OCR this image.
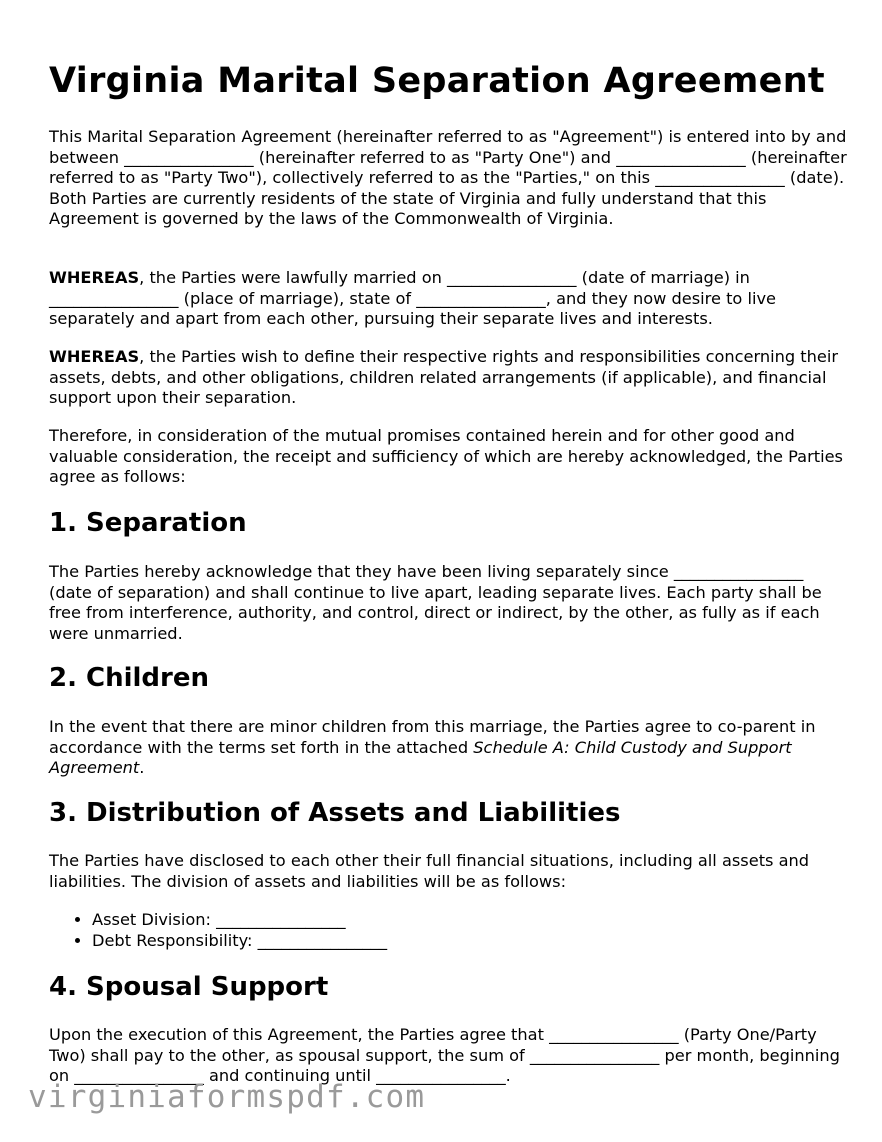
Virginia Marital Separation Agreement

This Marital Separation Agreement (hereinafter referred to as "Agreement") is entered into by and between ________________ (hereinafter referred to as "Party One") and ________________ (hereinafter referred to as "Party Two"), collectively referred to as the "Parties," on this ________________ (date). Both Parties are currently residents of the state of Virginia and fully understand that this Agreement is governed by the laws of the Commonwealth of Virginia.

WHEREAS, the Parties were lawfully married on ________________ (date of marriage) in ________________ (place of marriage), state of ________________, and they now desire to live separately and apart from each other, pursuing their separate lives and interests.

WHEREAS, the Parties wish to define their respective rights and responsibilities concerning their assets, debts, and other obligations, children related arrangements (if applicable), and financial support upon their separation.

Therefore, in consideration of the mutual promises contained herein and for other good and valuable consideration, the receipt and sufficiency of which are hereby acknowledged, the Parties agree as follows:

1. Separation

The Parties hereby acknowledge that they have been living separately since ________________ (date of separation) and shall continue to live apart, leading separate lives. Each party shall be free from interference, authority, and control, direct or indirect, by the other, as fully as if each were unmarried.

2. Children

In the event that there are minor children from this marriage, the Parties agree to co-parent in accordance with the terms set forth in the attached Schedule A: Child Custody and Support Agreement.

3. Distribution of Assets and Liabilities

The Parties have disclosed to each other their full financial situations, including all assets and liabilities. The division of assets and liabilities will be as follows:

• Asset Division: ________________
• Debt Responsibility: ________________
4. Spousal Support

Upon the execution of this Agreement, the Parties agree that ________________ (Party One/Party Two) shall pay to the other, as spousal support, the sum of ________________ per month, beginning on ________________ and continuing until ________________.

virginiaformspdf.com
